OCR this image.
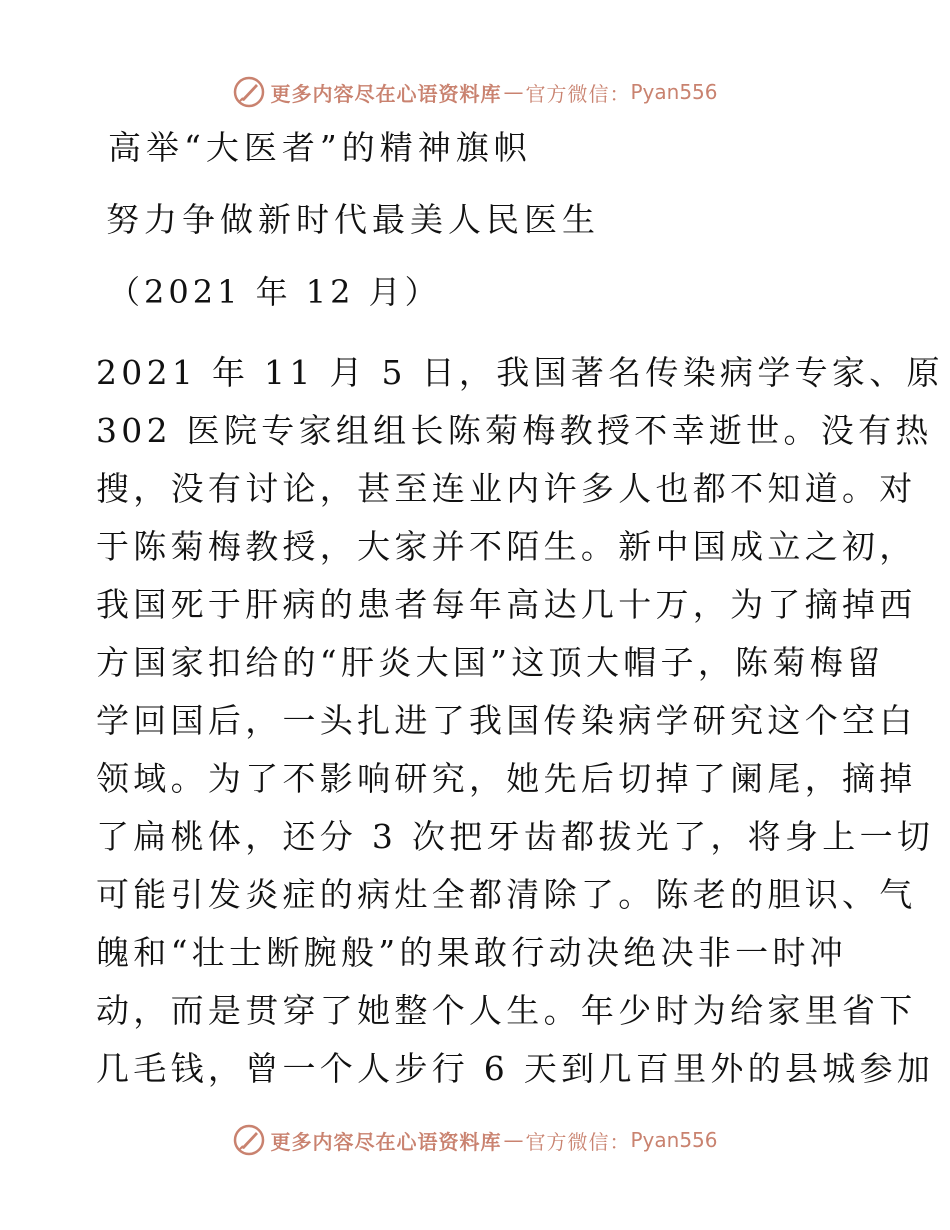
更多内容尽在心语资料库 — 官方微信： Pyan556
高举“大医者”的精神旗帜
努力争做新时代最美人民医生
（2021 年 12 月）
2021 年 11 月 5 日，我国著名传染病学专家、原
302 医院专家组组长陈菊梅教授不幸逝世。没有热
搜，没有讨论，甚至连业内许多人也都不知道。对
于陈菊梅教授，大家并不陌生。新中国成立之初，
我国死于肝病的患者每年高达几十万，为了摘掉西
方国家扣给的“肝炎大国”这顶大帽子，陈菊梅留
学回国后，一头扎进了我国传染病学研究这个空白
领域。为了不影响研究，她先后切掉了阑尾，摘掉
了扁桃体，还分 3 次把牙齿都拔光了，将身上一切
可能引发炎症的病灶全都清除了。陈老的胆识、气
魄和“壮士断腕般”的果敢行动决绝决非一时冲
动，而是贯穿了她整个人生。年少时为给家里省下
几毛钱，曾一个人步行 6 天到几百里外的县城参加
更多内容尽在心语资料库 — 官方微信： Pyan556
